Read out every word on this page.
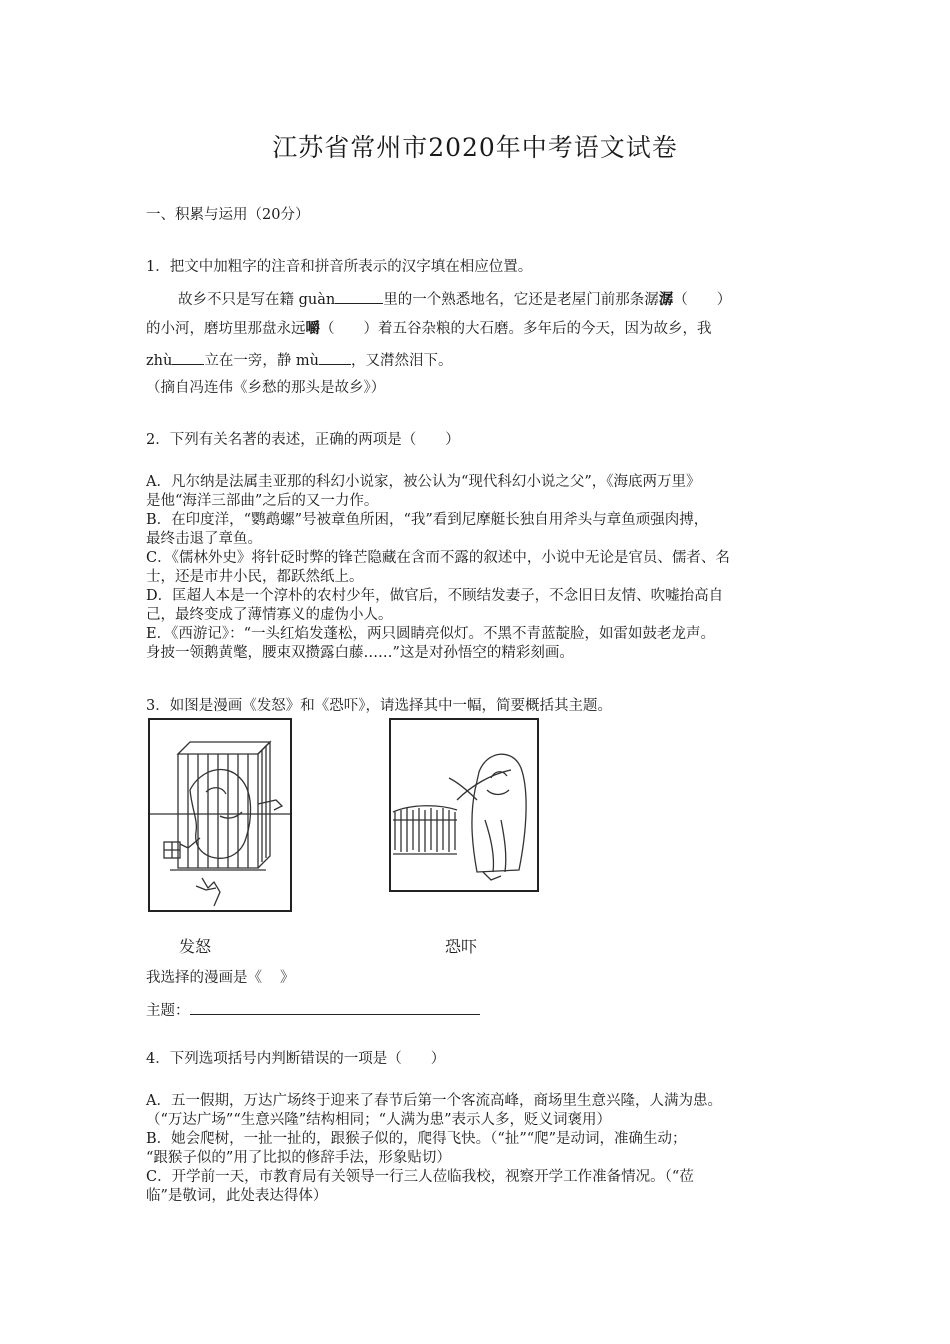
江苏省常州市2020年中考语文试卷
一、积累与运用（20分）
1．把文中加粗字的注音和拼音所表示的汉字填在相应位置。
故乡不只是写在籍 guàn	里的一个熟悉地名，它还是老屋门前那条潺潺（　　）
的小河，磨坊里那盘永远嚼（　　）着五谷杂粮的大石磨。多年后的今天，因为故乡，我
zhù 立在一旁，静 mù ，又潸然泪下。
（摘自冯连伟《乡愁的那头是故乡》）
2．下列有关名著的表述，正确的两项是（　　）
A．凡尔纳是法属圭亚那的科幻小说家，被公认为“现代科幻小说之父”，《海底两万里》
是他“海洋三部曲”之后的又一力作。
B．在印度洋，“鹦鹉螺”号被章鱼所困，“我”看到尼摩艇长独自用斧头与章鱼顽强肉搏，
最终击退了章鱼。
C．《儒林外史》将针砭时弊的锋芒隐藏在含而不露的叙述中，小说中无论是官员、儒者、名
士，还是市井小民，都跃然纸上。
D．匡超人本是一个淳朴的农村少年，做官后，不顾结发妻子，不念旧日友情、吹嘘抬高自
己，最终变成了薄情寡义的虚伪小人。
E．《西游记》：“一头红焰发蓬松，两只圆睛亮似灯。不黑不青蓝靛脸，如雷如鼓老龙声。
身披一领鹅黄氅，腰束双攒露白藤……”这是对孙悟空的精彩刻画。
3．如图是漫画《发怒》和《恐吓》，请选择其中一幅，简要概括其主题。
发怒	恐吓
我选择的漫画是《 》
主题：
4．下列选项括号内判断错误的一项是（　　）
A．五一假期，万达广场终于迎来了春节后第一个客流高峰，商场里生意兴隆，人满为患。
（“万达广场”“生意兴隆”结构相同；“人满为患”表示人多，贬义词褒用）
B．她会爬树，一扯一扯的，跟猴子似的，爬得飞快。（“扯”“爬”是动词，准确生动；
“跟猴子似的”用了比拟的修辞手法，形象贴切）
C．开学前一天，市教育局有关领导一行三人莅临我校，视察开学工作准备情况。（“莅
临”是敬词，此处表达得体）
